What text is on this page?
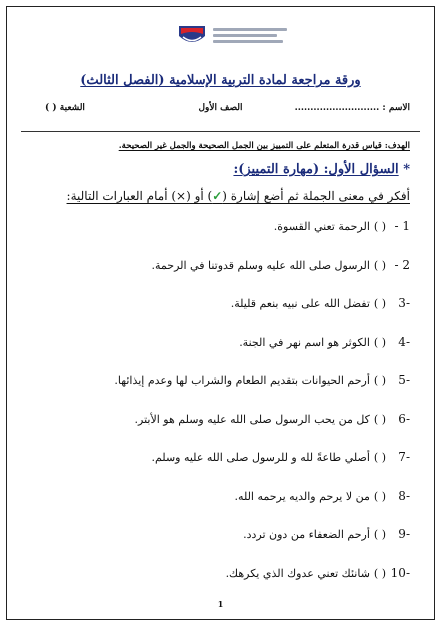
ورقة مراجعة لمادة التربية الإسلامية (الفصل الثالث)
الاسم : ...........................
الصف الأول
الشعبة ( )
الهدف: قياس قدرة المتعلم على التمييز بين الجمل الصحيحة والجمل غير الصحيحة.
* السؤال الأول: (مهارة التمييز):
أفكر في معنى الجملة ثم أضع إشارة (✓) أو (×) أمام العبارات التالية:
1 -( )الرحمة تعني القسوة.
2 -( )الرسول صلى الله عليه وسلم قدوتنا في الرحمة.
-3( )تفضل الله على نبيه بنعم قليلة.
-4( )الكوثر هو اسم نهر في الجنة.
-5( )أرحم الحيوانات بتقديم الطعام والشراب لها وعدم إيذائها.
-6( )كل من يحب الرسول صلى الله عليه وسلم هو الأبتر.
-7( )أصلي طاعةً لله و للرسول صلى الله عليه وسلم.
-8( )من لا يرحم والديه يرحمه الله.
-9( )أرحم الضعفاء من دون تردد.
-10( )شانئك تعني عدوك الذي يكرهك.
1
